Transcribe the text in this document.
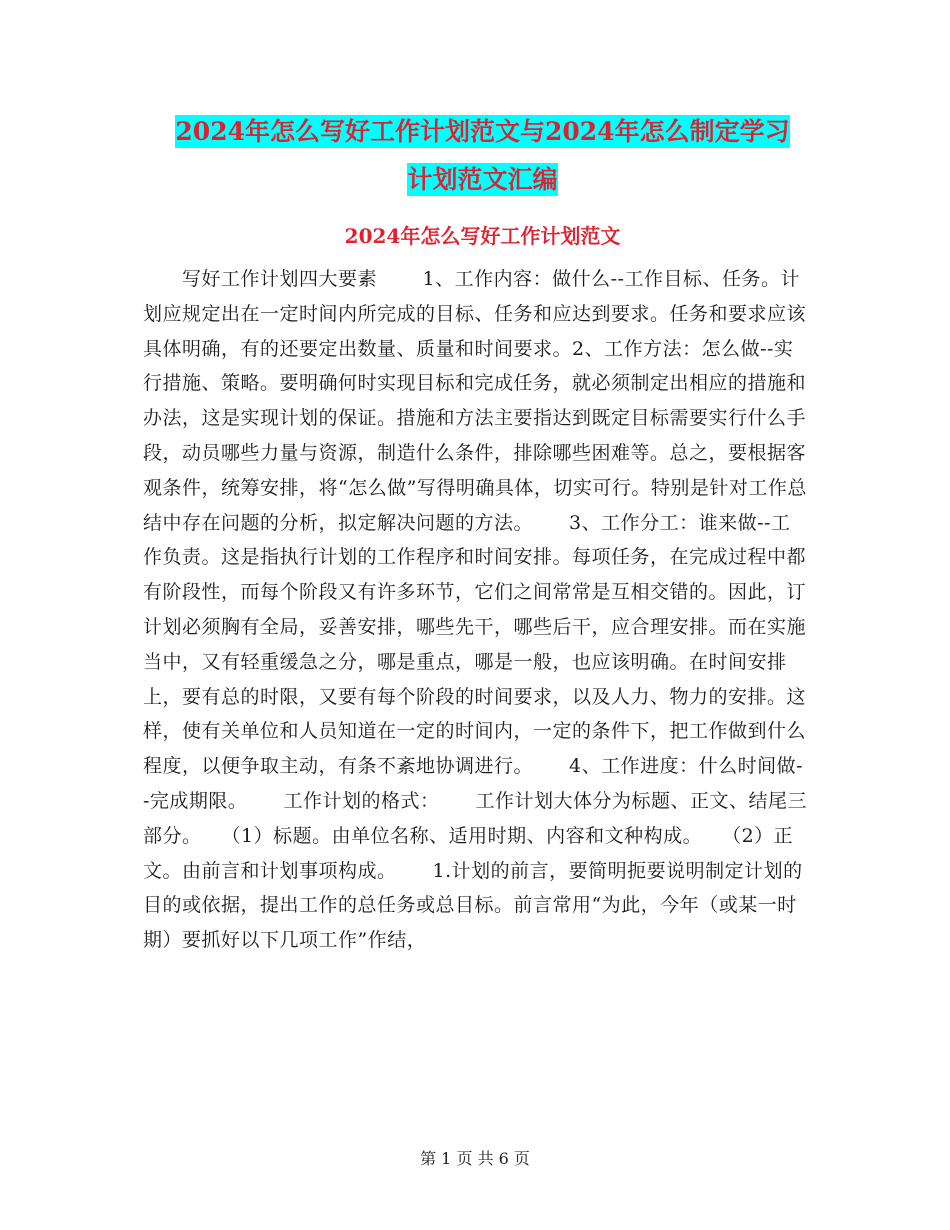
2024年怎么写好工作计划范文与2024年怎么制定学习
计划范文汇编
2024年怎么写好工作计划范文

　　写好工作计划四大要素　　 1、工作内容：做什么--工作目标、任务。计划应规定出在一定时间内所完成的目标、任务和应达到要求。任务和要求应该具体明确，有的还要定出数量、质量和时间要求。2、工作方法：怎么做--实行措施、策略。要明确何时实现目标和完成任务，就必须制定出相应的措施和办法，这是实现计划的保证。措施和方法主要指达到既定目标需要实行什么手段，动员哪些力量与资源，制造什么条件，排除哪些困难等。总之，要根据客观条件，统筹安排，将“怎么做”写得明确具体，切实可行。特别是针对工作总结中存在问题的分析，拟定解决问题的方法。　　 3、工作分工：谁来做--工作负责。这是指执行计划的工作程序和时间安排。每项任务，在完成过程中都有阶段性，而每个阶段又有许多环节，它们之间常常是互相交错的。因此，订计划必须胸有全局，妥善安排，哪些先干，哪些后干，应合理安排。而在实施当中，又有轻重缓急之分，哪是重点，哪是一般，也应该明确。在时间安排上，要有总的时限，又要有每个阶段的时间要求，以及人力、物力的安排。这样，使有关单位和人员知道在一定的时间内，一定的条件下，把工作做到什么程度，以便争取主动，有条不紊地协调进行。　　 4、工作进度：什么时间做--完成期限。　　 工作计划的格式：　　 工作计划大体分为标题、正文、结尾三部分。　　（1）标题。由单位名称、适用时期、内容和文种构成。　　（2）正文。由前言和计划事项构成。　　 1.计划的前言，要简明扼要说明制定计划的目的或依据，提出工作的总任务或总目标。前言常用“为此，今年（或某一时期）要抓好以下几项工作”作结，

第 1 页 共 6 页
